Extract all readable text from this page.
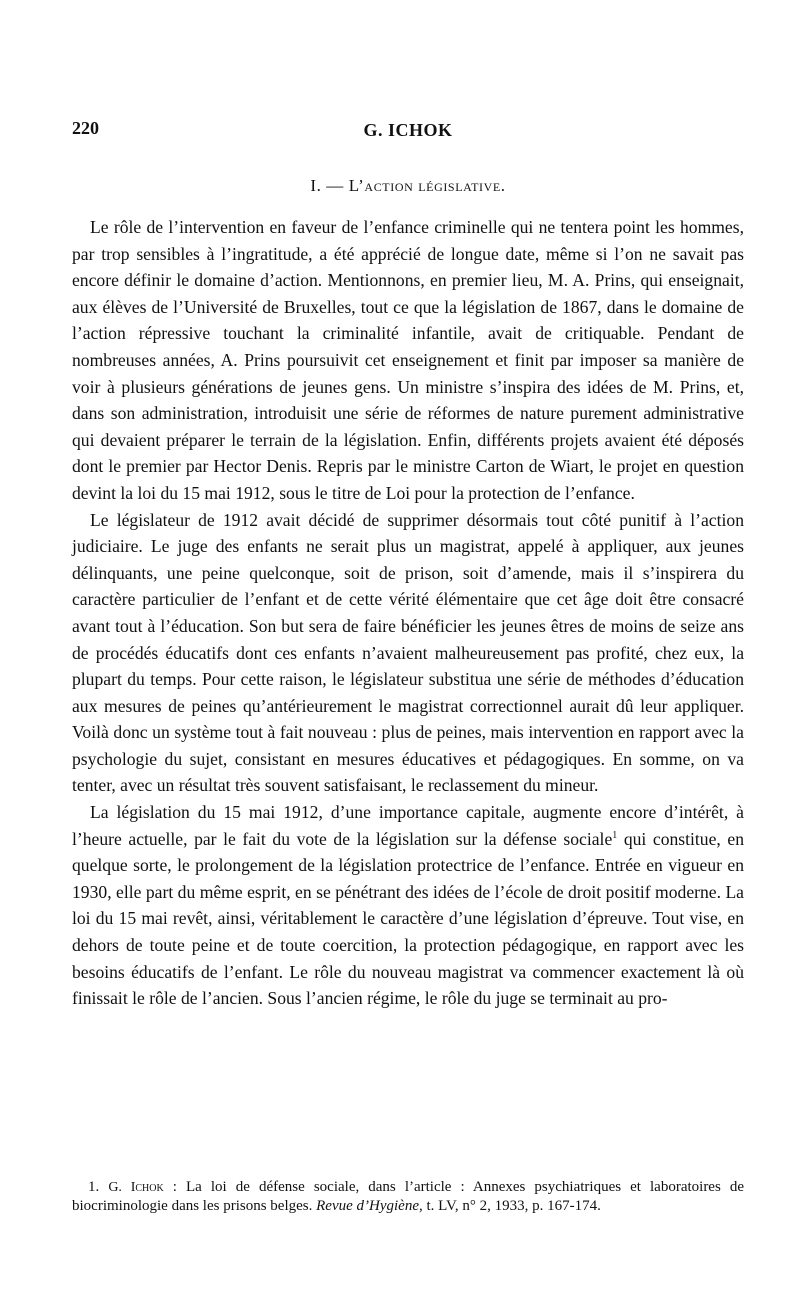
220	G. ICHOK
I. — L’action législative.

Le rôle de l’intervention en faveur de l’enfance criminelle qui ne tentera point les hommes, par trop sensibles à l’ingratitude, a été apprécié de longue date, même si l’on ne savait pas encore définir le domaine d’action. Mentionnons, en premier lieu, M. A. Prins, qui enseignait, aux élèves de l’Université de Bruxelles, tout ce que la législation de 1867, dans le domaine de l’action répressive touchant la criminalité infantile, avait de critiquable. Pendant de nombreuses années, A. Prins poursuivit cet enseignement et finit par imposer sa manière de voir à plusieurs générations de jeunes gens. Un ministre s’inspira des idées de M. Prins, et, dans son administration, introduisit une série de réformes de nature purement administrative qui devaient préparer le terrain de la législation. Enfin, différents projets avaient été déposés dont le premier par Hector Denis. Repris par le ministre Carton de Wiart, le projet en question devint la loi du 15 mai 1912, sous le titre de Loi pour la protection de l’enfance.

Le législateur de 1912 avait décidé de supprimer désormais tout côté punitif à l’action judiciaire. Le juge des enfants ne serait plus un magistrat, appelé à appliquer, aux jeunes délinquants, une peine quelconque, soit de prison, soit d’amende, mais il s’inspirera du caractère particulier de l’enfant et de cette vérité élémentaire que cet âge doit être consacré avant tout à l’éducation. Son but sera de faire bénéficier les jeunes êtres de moins de seize ans de procédés éducatifs dont ces enfants n’avaient malheureusement pas profité, chez eux, la plupart du temps. Pour cette raison, le législateur substitua une série de méthodes d’éducation aux mesures de peines qu’antérieurement le magistrat correctionnel aurait dû leur appliquer. Voilà donc un système tout à fait nouveau : plus de peines, mais intervention en rapport avec la psychologie du sujet, consistant en mesures éducatives et pédagogiques. En somme, on va tenter, avec un résultat très souvent satisfaisant, le reclassement du mineur.

La législation du 15 mai 1912, d’une importance capitale, augmente encore d’intérêt, à l’heure actuelle, par le fait du vote de la législation sur la défense sociale$^1$ qui constitue, en quelque sorte, le prolongement de la législation protectrice de l’enfance. Entrée en vigueur en 1930, elle part du même esprit, en se pénétrant des idées de l’école de droit positif moderne. La loi du 15 mai revêt, ainsi, véritablement le caractère d’une législation d’épreuve. Tout vise, en dehors de toute peine et de toute coercition, la protection pédagogique, en rapport avec les besoins éducatifs de l’enfant. Le rôle du nouveau magistrat va commencer exactement là où finissait le rôle de l’ancien. Sous l’ancien régime, le rôle du juge se terminait au pro-

1. G. Ichok : La loi de défense sociale, dans l’article : Annexes psychiatriques et laboratoires de biocriminologie dans les prisons belges. Revue d’Hygiène, t. LV, n° 2, 1933, p. 167-174.
